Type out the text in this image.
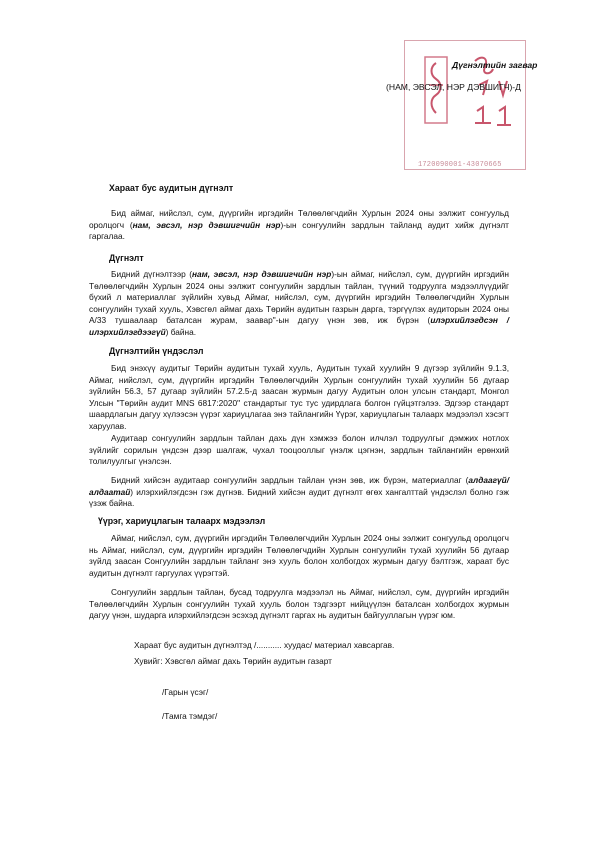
1720090001-43070665
Дүгнэлтийн загвар
(НАМ, ЭВСЭЛ, НЭР ДЭВШИГЧ)-Д
Хараат бус аудитын дүгнэлт
Бид аймаг, нийслэл, сум, дүүргийн иргэдийн Төлөөлөгчдийн Хурлын 2024 оны ээлжит сонгуульд оролцогч (нам, эвсэл, нэр дэвшигчийн нэр)-ын сонгуулийн зардлын тайланд аудит хийж дүгнэлт гаргалаа.
Дүгнэлт
Бидний дүгнэлтээр (нам, эвсэл, нэр дэвшигчийн нэр)-ын аймаг, нийслэл, сум, дүүргийн иргэдийн Төлөөлөгчдийн Хурлын 2024 оны ээлжит сонгуулийн зардлын тайлан, түүний тодруулга мэдээллүүдийг бүхий л материаллаг зүйлийн хувьд Аймаг, нийслэл, сум, дүүргийн иргэдийн Төлөөлөгчдийн Хурлын сонгуулийн тухай хууль, Хэвсгөл аймаг дахь Төрийн аудитын газрын дарга, тэргүүлэх аудиторын 2024 оны А/33 тушаалаар баталсан журам, заавар"-ын дагуу үнэн зөв, иж бүрэн (илэрхийлэгдсэн /илэрхийлэгдээгүй) байна.
Дүгнэлтийн үндэслэл
Бид энэхүү аудитыг Төрийн аудитын тухай хууль, Аудитын тухай хуулийн 9 дүгээр зүйлийн 9.1.3, Аймаг, нийслэл, сум, дүүргийн иргэдийн Төлөөлөгчдийн Хурлын сонгуулийн тухай хуулийн 56 дугаар зүйлийн 56.3, 57 дугаар зүйлийн 57.2.5-д заасан журмын дагуу Аудитын олон улсын стандарт, Монгол Улсын "Төрийн аудит MNS 6817:2020" стандартыг тус тус удирдлага болгон гүйцэтгэлээ. Эдгээр стандарт шаардлагын дагуу хүлээсэн үүрэг хариуцлагаа энэ тайлангийн Үүрэг, хариуцлагын талаарх мэдээлэл хэсэгт харуулав.
Аудитаар сонгуулийн зардлын тайлан дахь дүн хэмжээ болон илчлэл тодруулгыг дэмжих нотлох зүйлийг сорилын үндсэн дээр шалгаж, чухал тооцооллыг үнэлж цэгнэн, зардлын тайлангийн ерөнхий толилуулгыг үнэлсэн.
Бидний хийсэн аудитаар сонгуулийн зардлын тайлан үнэн зөв, иж бүрэн, материаллаг (алдаагүй/алдаатай) илэрхийлэгдсэн гэж дүгнэв. Бидний хийсэн аудит дүгнэлт өгөх хангалттай үндэслэл болно гэж үзэж байна.
Үүрэг, хариуцлагын талаарх мэдээлэл
Аймаг, нийслэл, сум, дүүргийн иргэдийн Төлөөлөгчдийн Хурлын 2024 оны ээлжит сонгуульд оролцогч нь Аймаг, нийслэл, сум, дүүргийн иргэдийн Төлөөлөгчдийн Хурлын сонгуулийн тухай хуулийн 56 дугаар зүйлд заасан Сонгуулийн зардлын тайланг энэ хууль болон холбогдох журмын дагуу бэлтгэж, хараат бус аудитын дүгнэлт гаргуулах үүрэгтэй.
Сонгуулийн зардлын тайлан, бусад тодруулга мэдээлэл нь Аймаг, нийслэл, сум, дүүргийн иргэдийн Төлөөлөгчдийн Хурлын сонгуулийн тухай хууль болон тэдгээрт нийцүүлэн баталсан холбогдох журмын дагуу үнэн, шударга илэрхийлэгдсэн эсэхэд дүгнэлт гаргах нь аудитын байгууллагын үүрэг юм.
Хараат бус аудитын дүгнэлтэд /........... хуудас/ материал хавсаргав.
Хувийг: Хэвсгөл аймаг дахь Төрийн аудитын газарт
/Гарын үсэг/
/Тамга тэмдэг/
